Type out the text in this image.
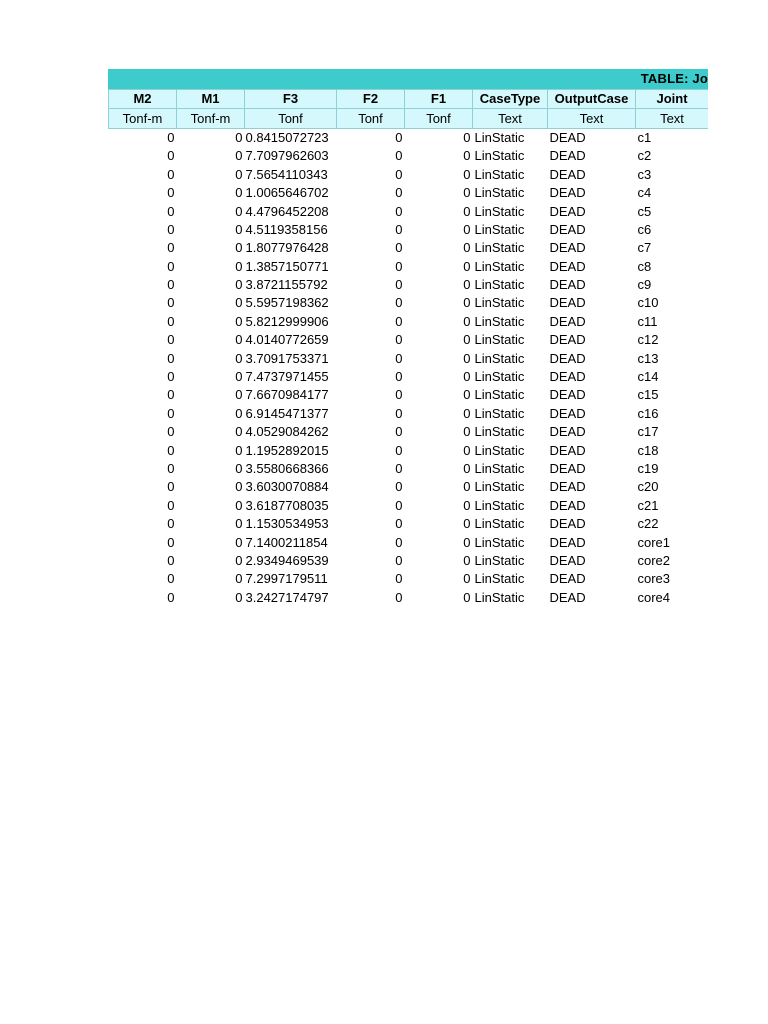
TABLE: Jo
M2	M1	F3	F2	F1	CaseType	OutputCase	Joint
Tonf-m	Tonf-m	Tonf	Tonf	Tonf	Text	Text	Text
0	0	0.8415072723	0	0	LinStatic	DEAD	c1
0	0	7.7097962603	0	0	LinStatic	DEAD	c2
0	0	7.5654110343	0	0	LinStatic	DEAD	c3
0	0	1.0065646702	0	0	LinStatic	DEAD	c4
0	0	4.4796452208	0	0	LinStatic	DEAD	c5
0	0	4.5119358156	0	0	LinStatic	DEAD	c6
0	0	1.8077976428	0	0	LinStatic	DEAD	c7
0	0	1.3857150771	0	0	LinStatic	DEAD	c8
0	0	3.8721155792	0	0	LinStatic	DEAD	c9
0	0	5.5957198362	0	0	LinStatic	DEAD	c10
0	0	5.8212999906	0	0	LinStatic	DEAD	c11
0	0	4.0140772659	0	0	LinStatic	DEAD	c12
0	0	3.7091753371	0	0	LinStatic	DEAD	c13
0	0	7.4737971455	0	0	LinStatic	DEAD	c14
0	0	7.6670984177	0	0	LinStatic	DEAD	c15
0	0	6.9145471377	0	0	LinStatic	DEAD	c16
0	0	4.0529084262	0	0	LinStatic	DEAD	c17
0	0	1.1952892015	0	0	LinStatic	DEAD	c18
0	0	3.5580668366	0	0	LinStatic	DEAD	c19
0	0	3.6030070884	0	0	LinStatic	DEAD	c20
0	0	3.6187708035	0	0	LinStatic	DEAD	c21
0	0	1.1530534953	0	0	LinStatic	DEAD	c22
0	0	7.1400211854	0	0	LinStatic	DEAD	core1
0	0	2.9349469539	0	0	LinStatic	DEAD	core2
0	0	7.2997179511	0	0	LinStatic	DEAD	core3
0	0	3.2427174797	0	0	LinStatic	DEAD	core4
